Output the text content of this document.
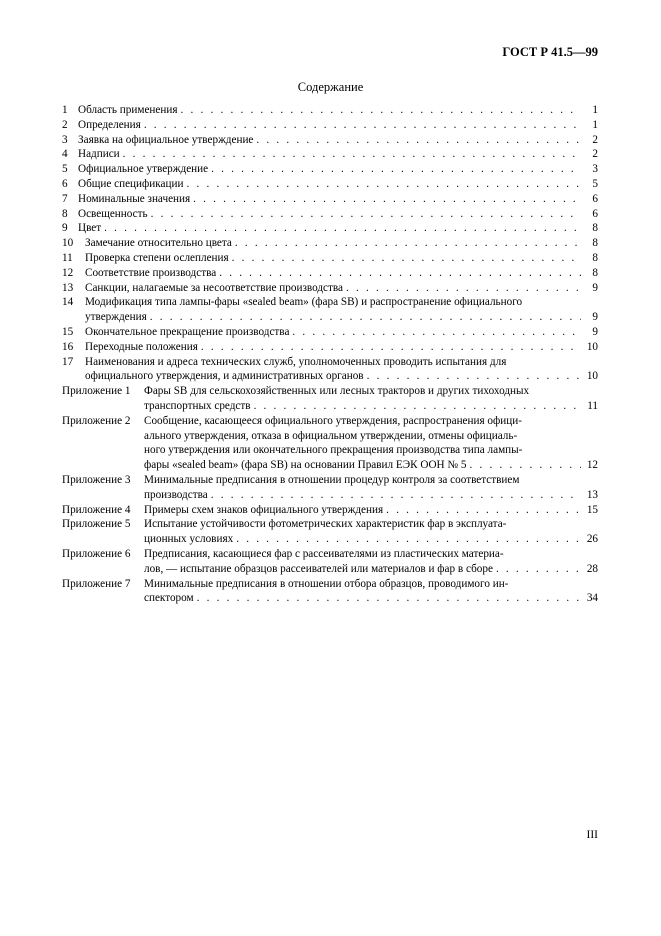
ГОСТ Р 41.5—99
Содержание
1 Область применения . . .	1
2 Определения . . .	1
3 Заявка на официальное утверждение . . .	2
4 Надписи . . .	2
5 Официальное утверждение . . .	3
6 Общие спецификации . . .	5
7 Номинальные значения . . .	6
8 Освещенность . . .	6
9 Цвет . . .	8
10	Замечание относительно цвета . . .	8
11	Проверка степени ослепления . . .	8
12	Соответствие производства . . .	8
13	Санкции, налагаемые за несоответствие производства . . .	9
14	Модификация типа лампы-фары «sealed beam» (фара SB) и распространение официального
утверждения . . .	9
15	Окончательное прекращение производства . . .	9
16	Переходные положения . . .	10
17	Наименования и адреса технических служб, уполномоченных проводить испытания для
официального утверждения, и административных органов . . .	10
Приложение 1	Фары SB для сельскохозяйственных или лесных тракторов и других тихоходных
транспортных средств . . .	11
Приложение 2	Сообщение, касающееся официального утверждения, распространения офици-
ального утверждения, отказа в официальном утверждении, отмены официаль-
ного утверждения или окончательного прекращения производства типа лампы-
фары «sealed beam» (фара SB) на основании Правил ЕЭК ООН № 5 . . .	12
Приложение 3	Минимальные предписания в отношении процедур контроля за соответствием
производства . . .	13
Приложение 4	Примеры схем знаков официального утверждения . . .	15
Приложение 5	Испытание устойчивости фотометрических характеристик фар в эксплуата-
ционных условиях . . .	26
Приложение 6	Предписания, касающиеся фар с рассеивателями из пластических материа-
лов, — испытание образцов рассеивателей или материалов и фар в сборе . . .	28
Приложение 7	Минимальные предписания в отношении отбора образцов, проводимого ин-
спектором . . .	34
III
